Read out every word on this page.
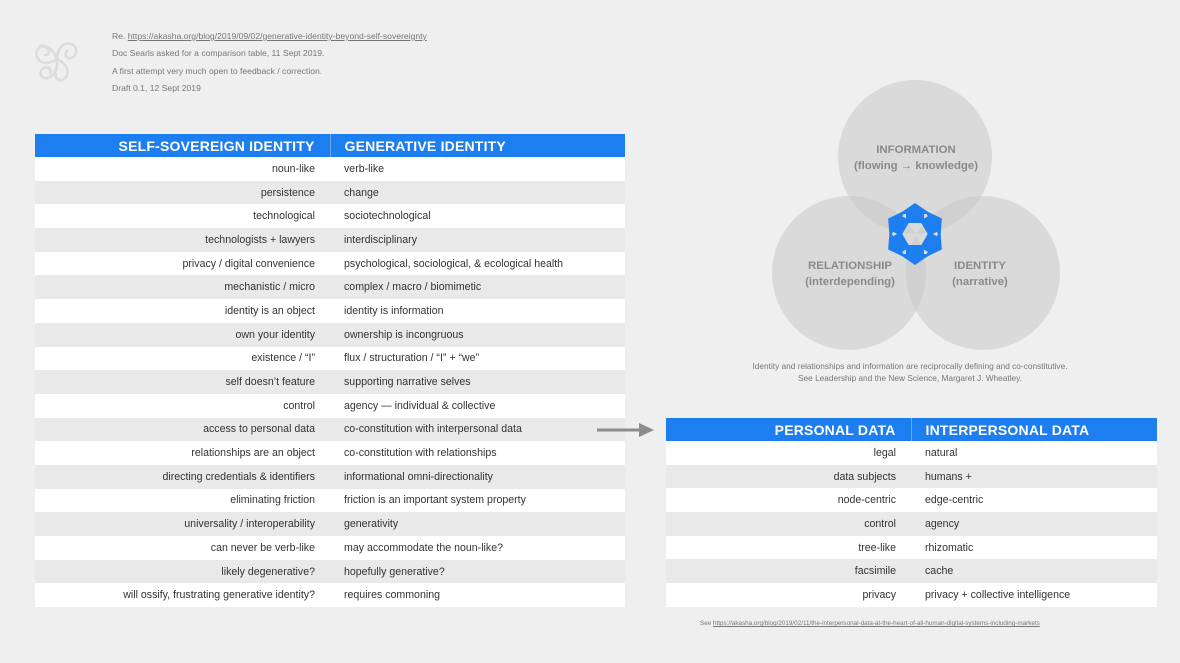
Re. https://akasha.org/blog/2019/09/02/generative-identity-beyond-self-sovereignty
Doc Searls asked for a comparison table, 11 Sept 2019.
A first attempt very much open to feedback / correction.
Draft 0.1, 12 Sept 2019
SELF-SOVEREIGN IDENTITY	GENERATIVE IDENTITY
noun-like	verb-like
persistence	change
technological	sociotechnological
technologists + lawyers	interdisciplinary
privacy / digital convenience	psychological, sociological, & ecological health
mechanistic / micro	complex / macro / biomimetic
identity is an object	identity is information
own your identity	ownership is incongruous
existence / “I”	flux / structuration / “I” + “we”
self doesn’t feature	supporting narrative selves
control	agency — individual & collective
access to personal data	co-constitution with interpersonal data
relationships are an object	co-constitution with relationships
directing credentials & identifiers	informational omni-directionality
eliminating friction	friction is an important system property
universality / interoperability	generativity
can never be verb-like	may accommodate the noun-like?
likely degenerative?	hopefully generative?
will ossify, frustrating generative identity?	requires commoning
INFORMATION
(flowing → knowledge)
RELATIONSHIP
(interdepending)
IDENTITY
(narrative)
Identity and relationships and information are reciprocally defining and co-constitutive.
See Leadership and the New Science, Margaret J. Wheatley.
PERSONAL DATA	INTERPERSONAL DATA
legal	natural
data subjects	humans +
node-centric	edge-centric
control	agency
tree-like	rhizomatic
facsimile	cache
privacy	privacy + collective intelligence
See https://akasha.org/blog/2019/02/11/the-interpersonal-data-at-the-heart-of-all-human-digital-systems-including-markets
